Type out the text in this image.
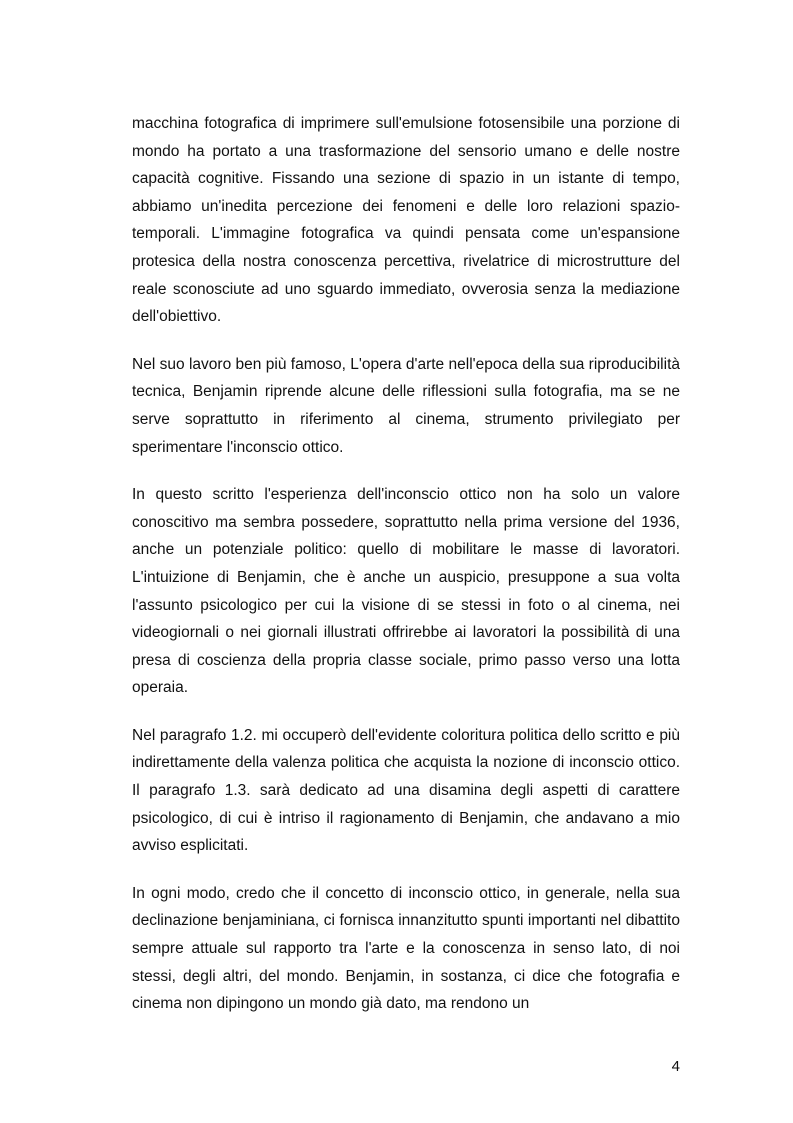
macchina fotografica di imprimere sull'emulsione fotosensibile una porzione di mondo ha portato a una trasformazione del sensorio umano e delle nostre capacità cognitive. Fissando una sezione di spazio in un istante di tempo, abbiamo un'inedita percezione dei fenomeni e delle loro relazioni spazio-temporali. L'immagine fotografica va quindi pensata come un'espansione protesica della nostra conoscenza percettiva, rivelatrice di microstrutture del reale sconosciute ad uno sguardo immediato, ovverosia senza la mediazione dell'obiettivo.

Nel suo lavoro ben più famoso, L'opera d'arte nell'epoca della sua riproducibilità tecnica, Benjamin riprende alcune delle riflessioni sulla fotografia, ma se ne serve soprattutto in riferimento al cinema, strumento privilegiato per sperimentare l'inconscio ottico.

In questo scritto l'esperienza dell'inconscio ottico non ha solo un valore conoscitivo ma sembra possedere, soprattutto nella prima versione del 1936, anche un potenziale politico: quello di mobilitare le masse di lavoratori. L'intuizione di Benjamin, che è anche un auspicio, presuppone a sua volta l'assunto psicologico per cui la visione di se stessi in foto o al cinema, nei videogiornali o nei giornali illustrati offrirebbe ai lavoratori la possibilità di una presa di coscienza della propria classe sociale, primo passo verso una lotta operaia.

Nel paragrafo 1.2. mi occuperò dell'evidente coloritura politica dello scritto e più indirettamente della valenza politica che acquista la nozione di inconscio ottico. Il paragrafo 1.3. sarà dedicato ad una disamina degli aspetti di carattere psicologico, di cui è intriso il ragionamento di Benjamin, che andavano a mio avviso esplicitati.

In ogni modo, credo che il concetto di inconscio ottico, in generale, nella sua declinazione benjaminiana, ci fornisca innanzitutto spunti importanti nel dibattito sempre attuale sul rapporto tra l'arte e la conoscenza in senso lato, di noi stessi, degli altri, del mondo. Benjamin, in sostanza, ci dice che fotografia e cinema non dipingono un mondo già dato, ma rendono un

4
